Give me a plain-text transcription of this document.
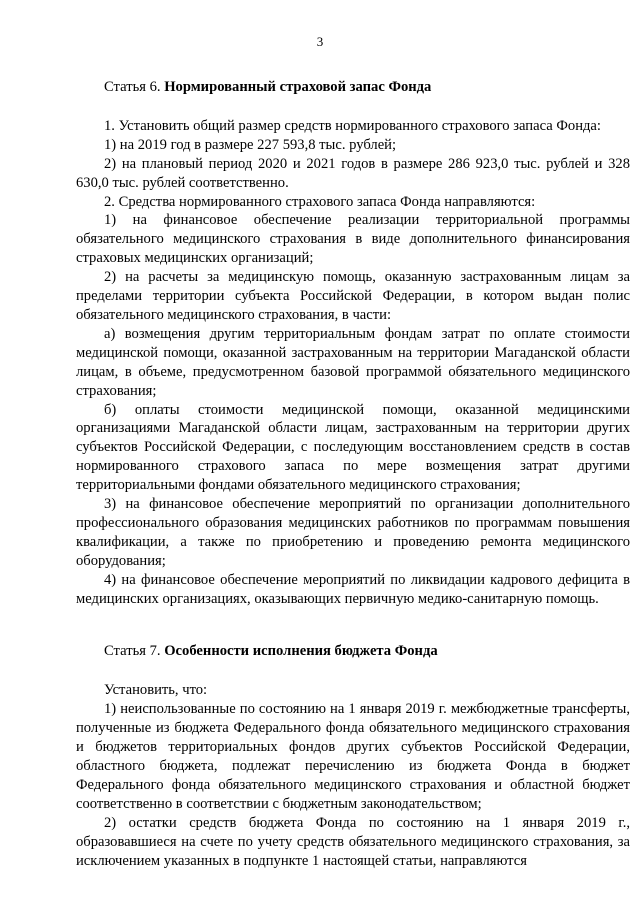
3
Статья 6. Нормированный страховой запас Фонда

1. Установить общий размер средств нормированного страхового запаса Фонда:

1) на 2019 год в размере 227 593,8 тыс. рублей;

2) на плановый период 2020 и 2021 годов в размере 286 923,0 тыс. рублей и 328 630,0 тыс. рублей соответственно.

2. Средства нормированного страхового запаса Фонда направляются:

1) на финансовое обеспечение реализации территориальной программы обязательного медицинского страхования в виде дополнительного финансирования страховых медицинских организаций;

2) на расчеты за медицинскую помощь, оказанную застрахованным лицам за пределами территории субъекта Российской Федерации, в котором выдан полис обязательного медицинского страхования, в части:

а) возмещения другим территориальным фондам затрат по оплате стоимости медицинской помощи, оказанной застрахованным на территории Магаданской области лицам, в объеме, предусмотренном базовой программой обязательного медицинского страхования;

б) оплаты стоимости медицинской помощи, оказанной медицинскими организациями Магаданской области лицам, застрахованным на территории других субъектов Российской Федерации, с последующим восстановлением средств в состав нормированного страхового запаса по мере возмещения затрат другими территориальными фондами обязательного медицинского страхования;

3) на финансовое обеспечение мероприятий по организации дополнительного профессионального образования медицинских работников по программам повышения квалификации, а также по приобретению и проведению ремонта медицинского оборудования;

4) на финансовое обеспечение мероприятий по ликвидации кадрового дефицита в медицинских организациях, оказывающих первичную медико-санитарную помощь.

Статья 7. Особенности исполнения бюджета Фонда

Установить, что:

1) неиспользованные по состоянию на 1 января 2019 г. межбюджетные трансферты, полученные из бюджета Федерального фонда обязательного медицинского страхования и бюджетов территориальных фондов других субъектов Российской Федерации, областного бюджета, подлежат перечислению из бюджета Фонда в бюджет Федерального фонда обязательного медицинского страхования и областной бюджет соответственно в соответствии с бюджетным законодательством;

2) остатки средств бюджета Фонда по состоянию на 1 января 2019 г., образовавшиеся на счете по учету средств обязательного медицинского страхования, за исключением указанных в подпункте 1 настоящей статьи, направляются
